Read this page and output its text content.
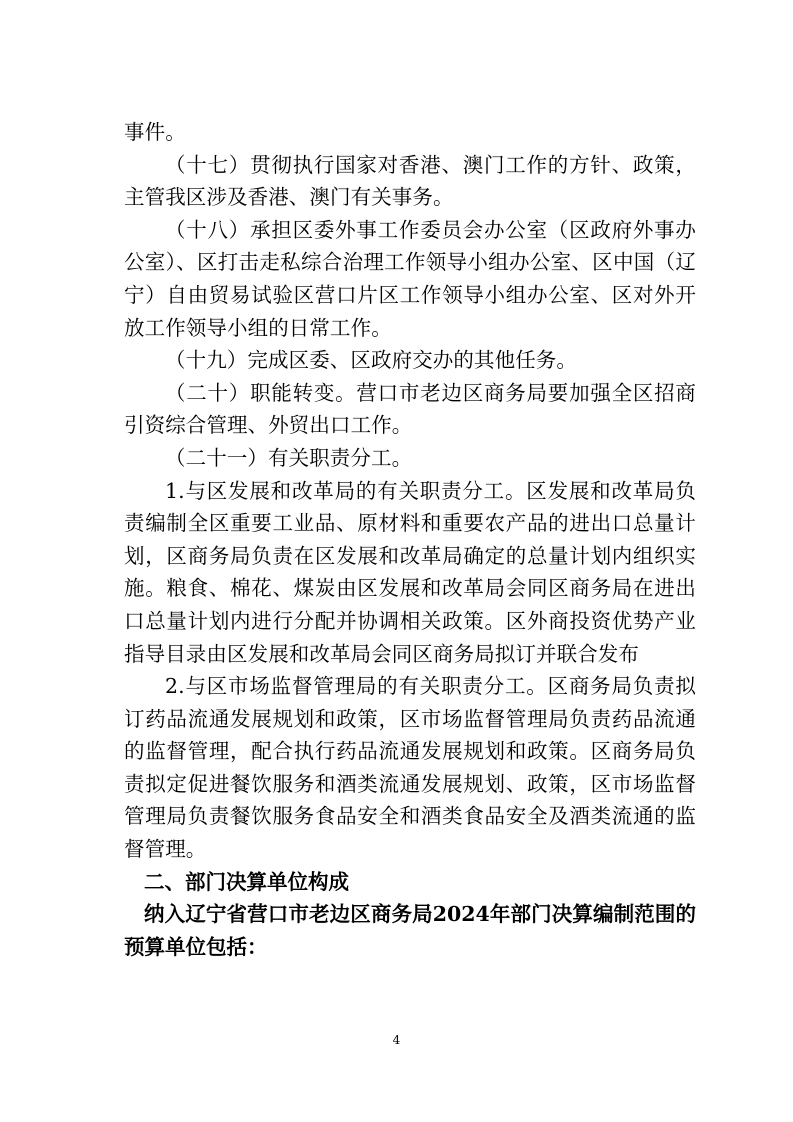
事件。

（十七）贯彻执行国家对香港、澳门工作的方针、政策，主管我区涉及香港、澳门有关事务。

（十八）承担区委外事工作委员会办公室（区政府外事办公室）、区打击走私综合治理工作领导小组办公室、区中国（辽宁）自由贸易试验区营口片区工作领导小组办公室、区对外开放工作领导小组的日常工作。

（十九）完成区委、区政府交办的其他任务。

（二十）职能转变。营口市老边区商务局要加强全区招商引资综合管理、外贸出口工作。

（二十一）有关职责分工。

1.与区发展和改革局的有关职责分工。区发展和改革局负责编制全区重要工业品、原材料和重要农产品的进出口总量计划，区商务局负责在区发展和改革局确定的总量计划内组织实施。粮食、棉花、煤炭由区发展和改革局会同区商务局在进出口总量计划内进行分配并协调相关政策。区外商投资优势产业指导目录由区发展和改革局会同区商务局拟订并联合发布

2.与区市场监督管理局的有关职责分工。区商务局负责拟订药品流通发展规划和政策，区市场监督管理局负责药品流通的监督管理，配合执行药品流通发展规划和政策。区商务局负责拟定促进餐饮服务和酒类流通发展规划、政策，区市场监督管理局负责餐饮服务食品安全和酒类食品安全及酒类流通的监督管理。

二、部门决算单位构成

纳入辽宁省营口市老边区商务局2024年部门决算编制范围的预算单位包括：

4
